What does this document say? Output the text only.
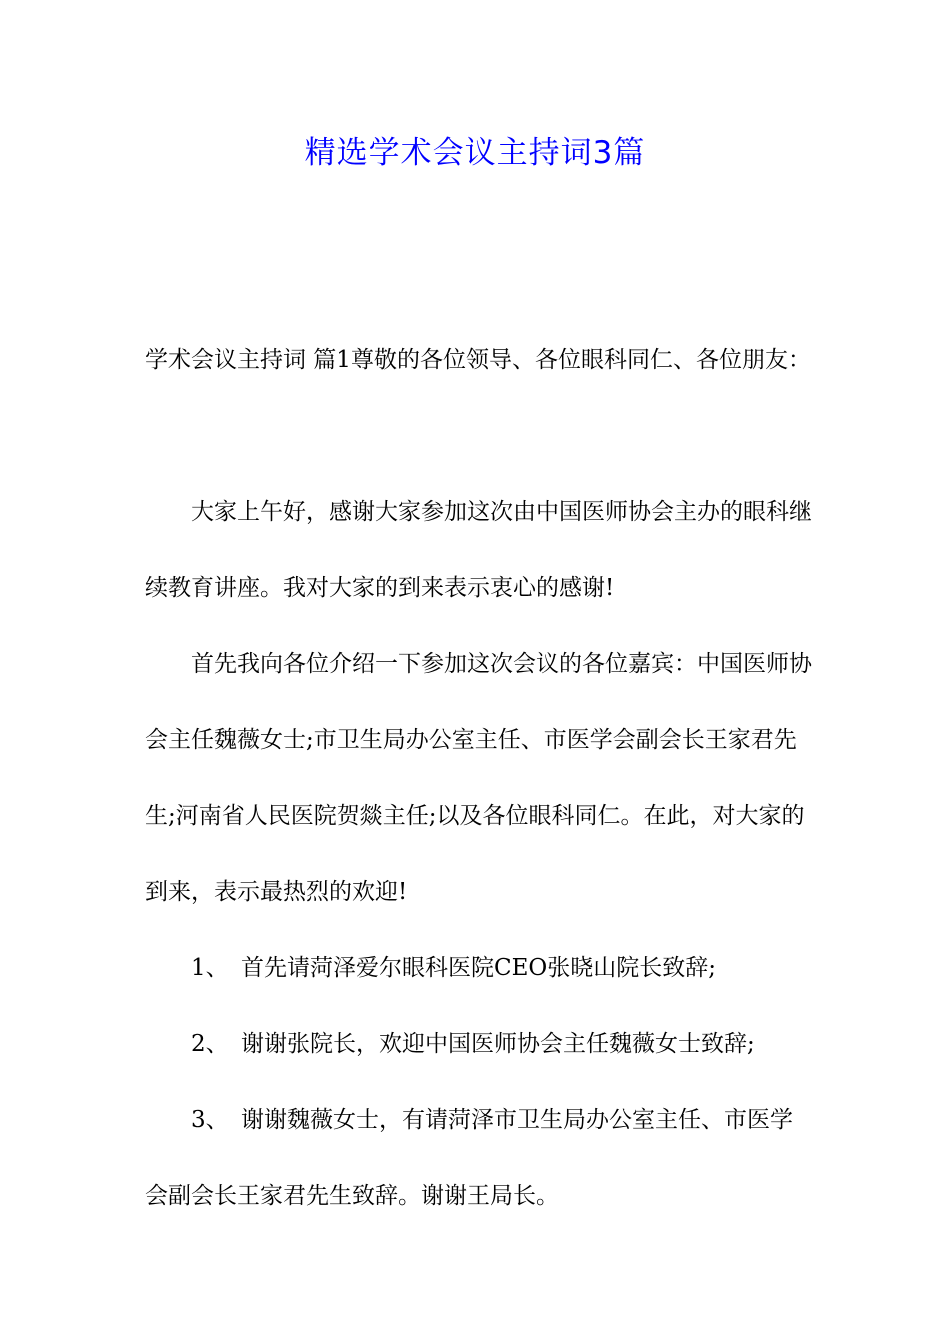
精选学术会议主持词3篇

学术会议主持词 篇1尊敬的各位领导、各位眼科同仁、各位朋友：

大家上午好，感谢大家参加这次由中国医师协会主办的眼科继续教育讲座。我对大家的到来表示衷心的感谢!

首先我向各位介绍一下参加这次会议的各位嘉宾：中国医师协会主任魏薇女士;市卫生局办公室主任、市医学会副会长王家君先生;河南省人民医院贺燚主任;以及各位眼科同仁。在此，对大家的到来，表示最热烈的欢迎!

1、 首先请菏泽爱尔眼科医院CEO张晓山院长致辞;

2、 谢谢张院长，欢迎中国医师协会主任魏薇女士致辞;

3、 谢谢魏薇女士，有请菏泽市卫生局办公室主任、市医学会副会长王家君先生致辞。谢谢王局长。
